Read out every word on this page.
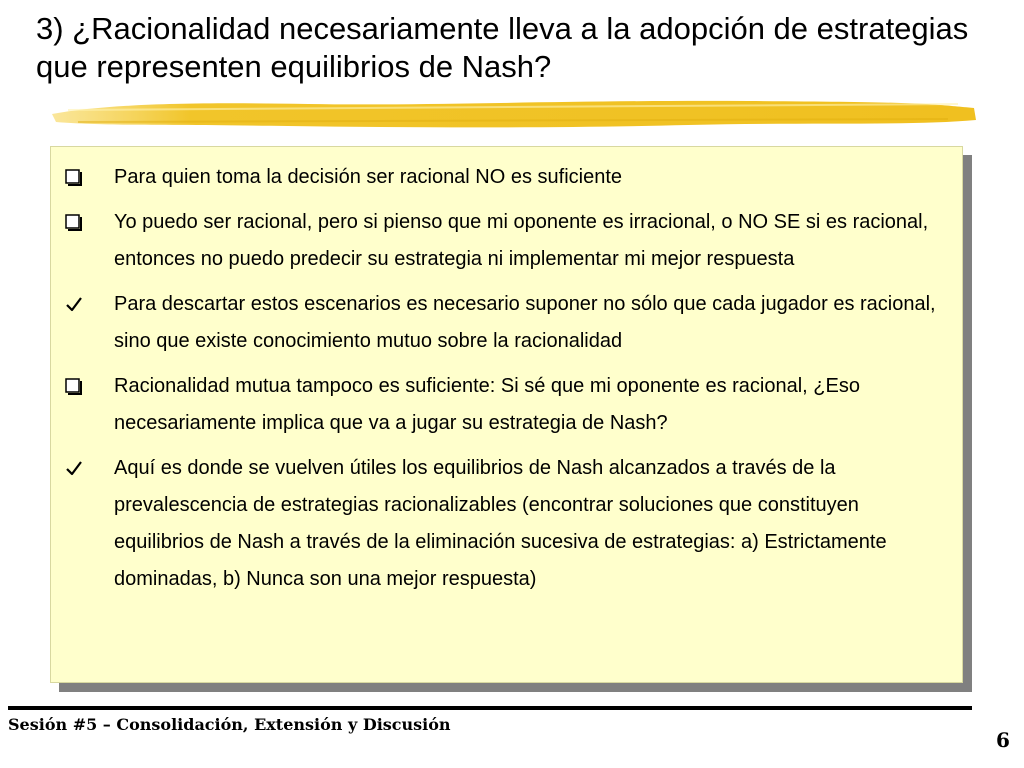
3) ¿Racionalidad necesariamente lleva a la adopción de estrategias que representen equilibrios de Nash?
Para quien toma la decisión ser racional NO es suficiente
Yo puedo ser racional, pero si pienso que mi oponente es irracional, o NO SE si es racional, entonces no puedo predecir su estrategia ni implementar mi mejor respuesta
Para descartar estos escenarios es necesario suponer no sólo que cada jugador es racional, sino que existe conocimiento mutuo sobre la racionalidad
Racionalidad mutua tampoco es suficiente: Si sé que mi oponente es racional, ¿Eso necesariamente implica que va a jugar su estrategia de Nash?
Aquí es donde se vuelven útiles los equilibrios de Nash alcanzados a través de la prevalescencia de estrategias racionalizables (encontrar soluciones que constituyen equilibrios de Nash a través de la eliminación sucesiva de estrategias: a) Estrictamente dominadas, b) Nunca son una mejor respuesta)
Sesión #5 – Consolidación, Extensión y Discusión
6
